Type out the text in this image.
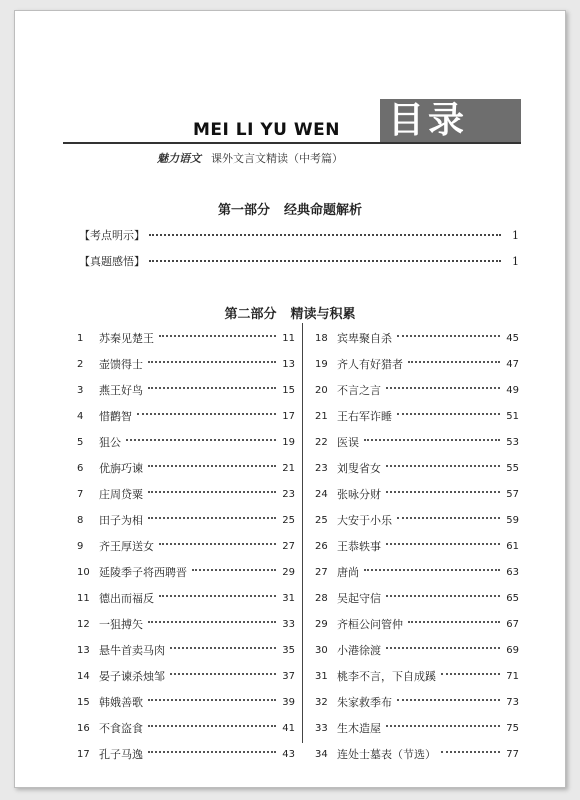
MEI LI YU WEN 目录
魅力语文 课外文言文精读（中考篇）
第一部分 经典命题解析
【考点明示】	1
【真题感悟】	1
第二部分 精读与积累
1	苏秦见楚王	11
2	壶馈得士	13
3	燕王好鸟	15
4	惜鹳智	17
5	狙公	19
6	优旃巧谏	21
7	庄周贷粟	23
8	田子为相	25
9	齐王厚送女	27
10 延陵季子将西聘晋	29
11 德出而福反	31
12 一狙搏矢	33
13 悬牛首卖马肉	35
14 晏子谏杀烛邹	37
15 韩娥善歌	39
16 不食盗食	41
17 孔子马逸	43
18 宾卑聚自杀	45
19 齐人有好猎者	47
20 不言之言	49
21 王右军诈睡	51
22 医误	53
23 刘叟省女	55
24 张咏分财	57
25 大安于小乐	59
26 王恭轶事	61
27 唐尚	63
28 吴起守信	65
29 齐桓公问管仲	67
30 小港徐渡	69
31 桃李不言，下自成蹊	71
32 朱家救季布	73
33 生木造屋	75
34 连处士墓表（节选）	77
